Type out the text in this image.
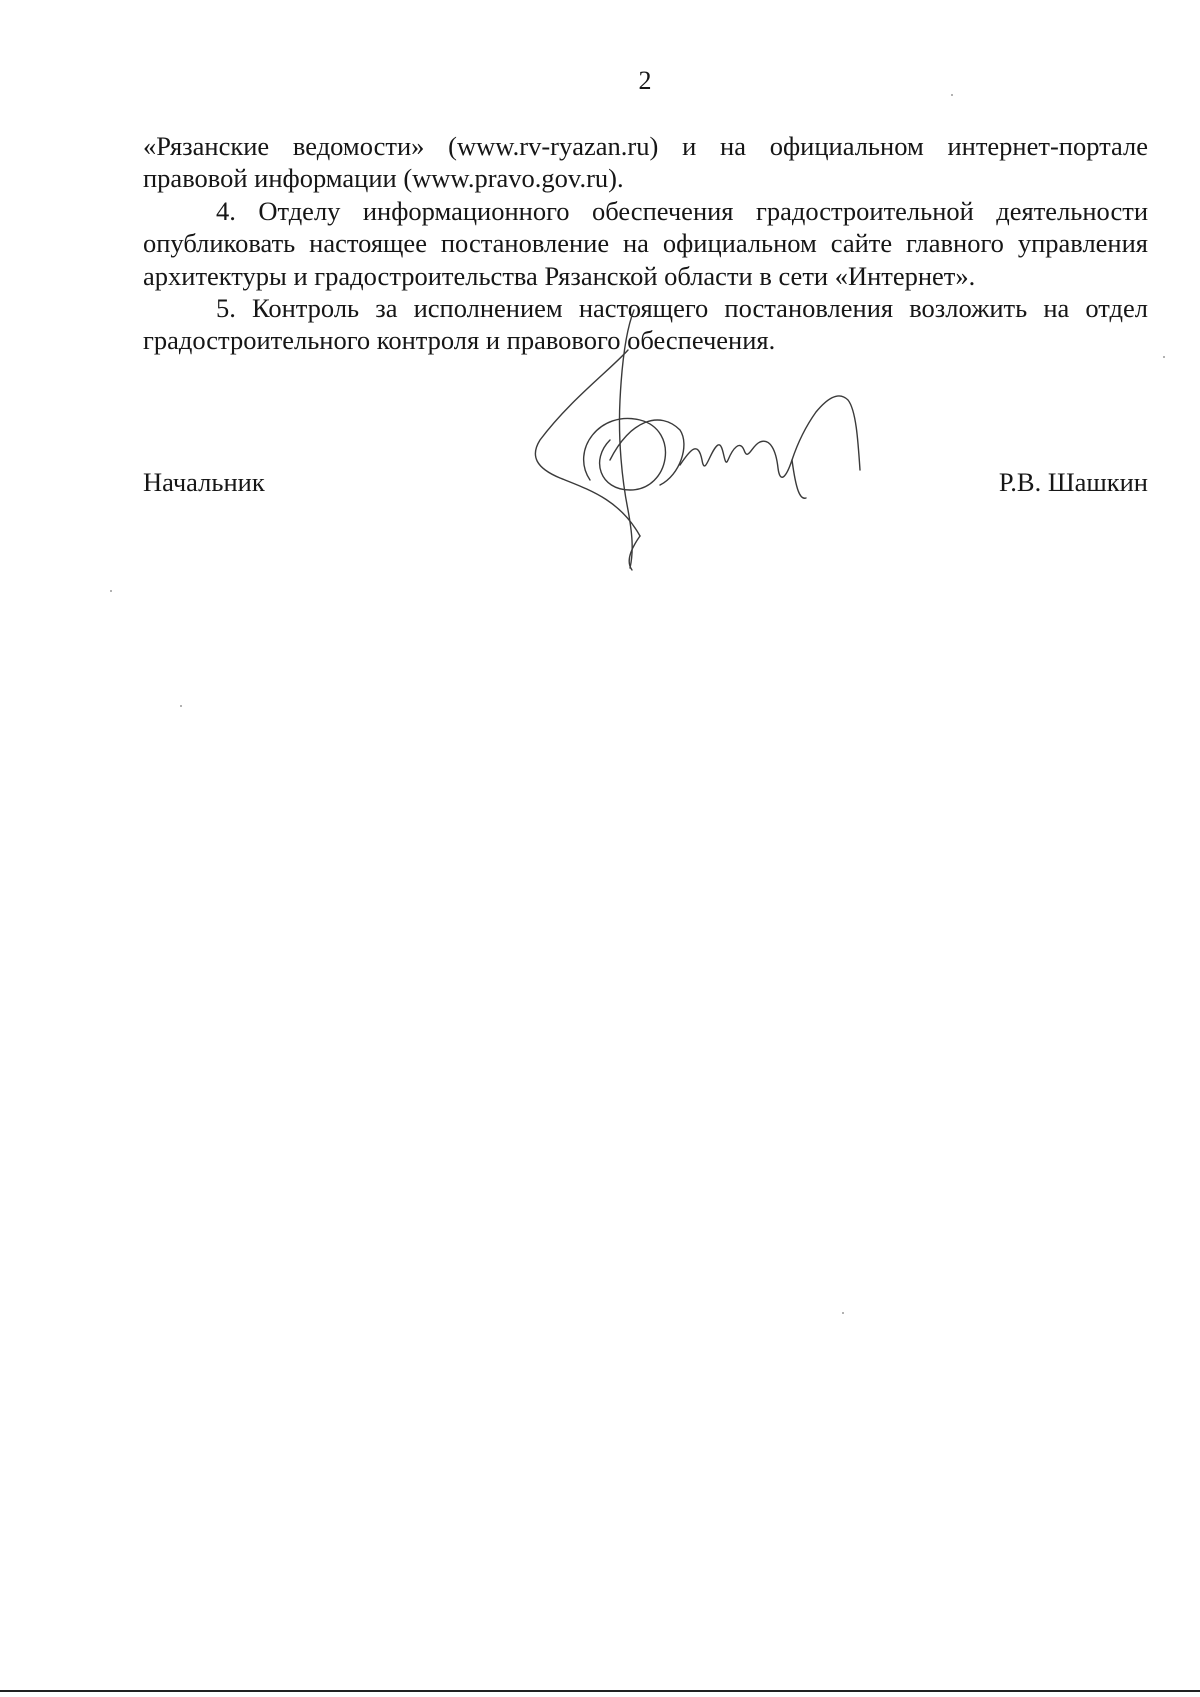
2

«Рязанские ведомости» (www.rv-ryazan.ru) и на официальном интернет-портале правовой информации (www.pravo.gov.ru).

4. Отделу информационного обеспечения градостроительной деятельности опубликовать настоящее постановление на официальном сайте главного управления архитектуры и градостроительства Рязанской области в сети «Интернет».

5. Контроль за исполнением настоящего постановления возложить на отдел градостроительного контроля и правового обеспечения.

Начальник	Р.В. Шашкин
